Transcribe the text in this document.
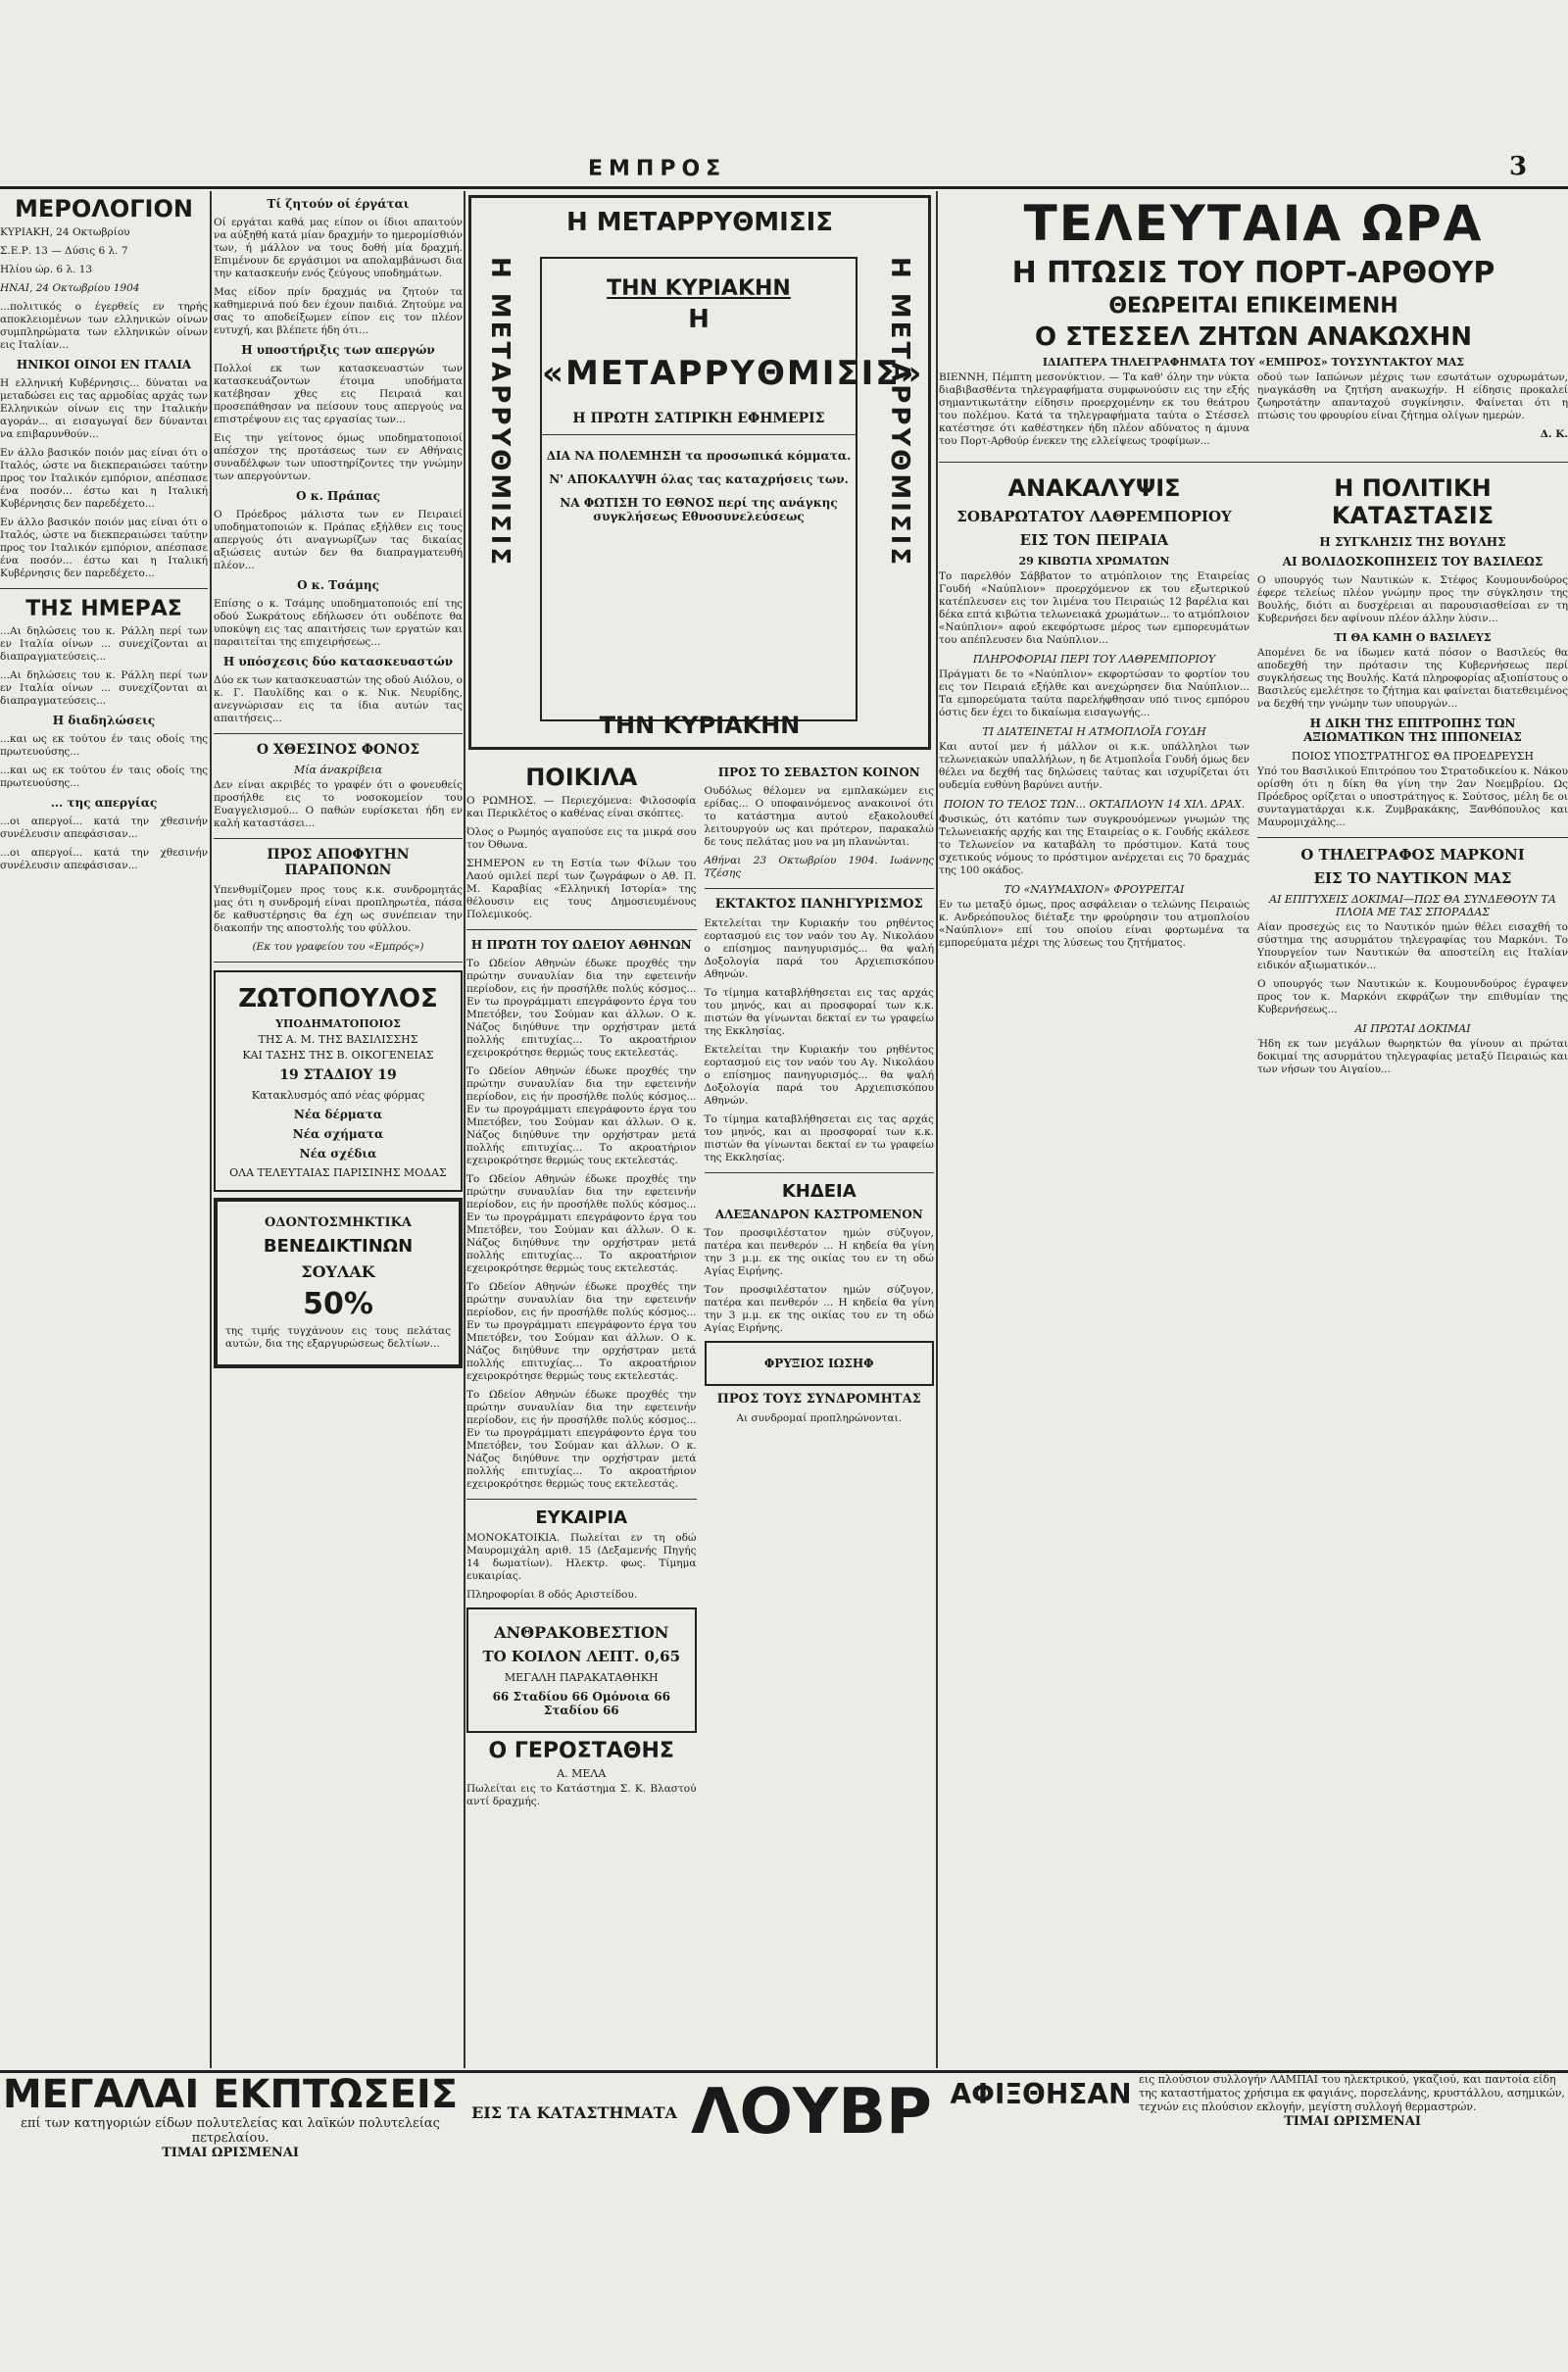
ΕΜΠΡΟΣ	3
ΜΕΡΟΛΟΓΙΟΝ

ΚΥΡΙΑΚΗ, 24 Οκτωβρίου

Σ.Ε.Ρ. 13 — Δύσις 6 λ. 7

Ηλίου ώρ. 6 λ. 13

ΗΝΑΙ, 24 Οκτωβρίου 1904

...πολιτικός ο έγερθείς εν τηρής αποκλειομένων των ελληνικών οίνων συμπληρώματα των ελληνικών οίνων εις Ιταλίαν...

ΗΝΙΚΟΙ ΟΙΝΟΙ ΕΝ ΙΤΑΛΙΑ

Η ελληνική Κυβέρνησις... δύναται να μεταδώσει εις τας αρμοδίας αρχάς των Ελληνικών οίνων εις την Ιταλικήν αγοράν... αι εισαγωγαί δεν δύνανται να επιβαρυνθούν...

Εν άλλο βασικόν ποιόν μας είναι ότι ο Ιταλός, ώστε να διεκπεραιώσει ταύτην προς τον Ιταλικόν εμπόριον, απέσπασε ένα ποσόν... έστω και η Ιταλική Κυβέρνησις δεν παρεδέχετο...

Εν άλλο βασικόν ποιόν μας είναι ότι ο Ιταλός, ώστε να διεκπεραιώσει ταύτην προς τον Ιταλικόν εμπόριον, απέσπασε ένα ποσόν... έστω και η Ιταλική Κυβέρνησις δεν παρεδέχετο...

ΤΗΣ ΗΜΕΡΑΣ

...Αι δηλώσεις του κ. Ράλλη περί των εν Ιταλία οίνων ... συνεχίζονται αι διαπραγματεύσεις...

...Αι δηλώσεις του κ. Ράλλη περί των εν Ιταλία οίνων ... συνεχίζονται αι διαπραγματεύσεις...

Η διαδηλώσεις

...και ως εκ τούτου έν ταις οδοίς της πρωτευούσης...

...και ως εκ τούτου έν ταις οδοίς της πρωτευούσης...

... της απεργίας

...οι απεργοί... κατά την χθεσινήν συνέλευσιν απεφάσισαν...

...οι απεργοί... κατά την χθεσινήν συνέλευσιν απεφάσισαν...

Τί ζητούν οί έργάται

Οί εργάται καθά μας είπον οι ίδιοι απαιτούν να αύξηθή κατά μίαν δραχμήν το ημερομίσθιόν των, ή μάλλον να τους δοθή μία δραχμή. Επιμένουν δε εργάσιμοι να απολαμβάνωσι δια την κατασκευήν ενός ζεύγους υποδημάτων.

Μας είδον πρίν δραχμάς να ζητούν τα καθημερινά πού δεν έχουν παιδιά. Ζητούμε να σας το αποδείξωμεν είπον εις τον πλέον ευτυχή, και βλέπετε ήδη ότι...

Η υποστήριξις των απεργών

Πολλοί εκ των κατασκευαστών των κατασκευάζοντων έτοιμα υποδήματα κατέβησαν χθες εις Πειραιά και προσεπάθησαν να πείσουν τους απεργούς να επιστρέψουν εις τας εργασίας των...

Εις την γείτονος όμως υποδηματοποιοί απέσχον της προτάσεως των εν Αθήναις συναδέλφων των υποστηρίζοντες την γνώμην των απεργούντων.

Ο κ. Πράπας

Ο Πρόεδρος μάλιστα των εν Πειραιεί υποδηματοποιών κ. Πράπας εξήλθεν εις τους απεργούς ότι αναγνωρίζων τας δικαίας αξιώσεις αυτών δεν θα διαπραγματευθή πλέον...

Ο κ. Τσάμης

Επίσης ο κ. Τσάμης υποδηματοποιός επί της οδού Σωκράτους εδήλωσεν ότι ουδέποτε θα υποκύψη εις τας απαιτήσεις των εργατών και παραιτείται της επιχειρήσεως...

Η υπόσχεσις δύο κατασκευαστών

Δύο εκ των κατασκευαστών της οδού Αιόλου, ο κ. Γ. Παυλίδης και ο κ. Νικ. Νευρίδης, ανεγνώρισαν εις τα ίδια αυτών τας απαιτήσεις...

Ο ΧΘΕΣΙΝΟΣ ΦΟΝΟΣ
Μία άνακρίβεια

Δεν είναι ακριβές το γραφέν ότι ο φονευθείς προσήλθε εις το νοσοκομείον του Ευαγγελισμού... Ο παθών ευρίσκεται ήδη εν καλή καταστάσει...

ΠΡΟΣ ΑΠΟΦΥΓΗΝ ΠΑΡΑΠΟΝΩΝ

Υπενθυμίζομεν προς τους κ.κ. συνδρομητάς μας ότι η συνδρομή είναι προπληρωτέα, πάσα δε καθυστέρησις θα έχη ως συνέπειαν την διακοπήν της αποστολής του φύλλου.

(Εκ του γραφείου του «Εμπρός»)

ΖΩΤΟΠΟΥΛΟΣ
ΥΠΟΔΗΜΑΤΟΠΟΙΟΣ
ΤΗΣ Α. Μ. ΤΗΣ ΒΑΣΙΛΙΣΣΗΣ
ΚΑΙ ΤΑΣΗΣ ΤΗΣ Β. ΟΙΚΟΓΕΝΕΙΑΣ
19 ΣΤΑΔΙΟΥ 19
Κατακλυσμός από νέας φόρμας
Νέα δέρματα
Νέα σχήματα
Νέα σχέδια
ΟΛΑ ΤΕΛΕΥΤΑΙΑΣ ΠΑΡΙΣΙΝΗΣ ΜΟΔΑΣ
ΟΔΟΝΤΟΣΜΗΚΤΙΚΑ
ΒΕΝΕΔΙΚΤΙΝΩΝ
ΣΟΥΛΑΚ
50%

της τιμής τυγχάνουν εις τους πελάτας αυτών, δια της εξαργυρώσεως δελτίων...

Η ΜΕΤΑΡΡΥΘΜΙΣΙΣ
Η ΜΕΤΑΡΡΥΘΜΙΣΙΣ	Η ΜΕΤΑΡΡΥΘΜΙΣΙΣ
ΤΗΝ ΚΥΡΙΑΚΗΝ
Η
«ΜΕΤΑΡΡΥΘΜΙΣΙΣ»
Η ΠΡΩΤΗ ΣΑΤΙΡΙΚΗ ΕΦΗΜΕΡΙΣ
ΔΙΑ ΝΑ ΠΟΛΕΜΗΣΗ τα προσωπικά κόμματα.
Ν' ΑΠΟΚΑΛΥΨΗ όλας τας καταχρήσεις των.
ΝΑ ΦΩΤΙΣΗ ΤΟ ΕΘΝΟΣ περί της ανάγκης συγκλήσεως Εθνοσυνελεύσεως
ΤΗΝ ΚΥΡΙΑΚΗΝ
ΠΟΙΚΙΛΑ

Ο ΡΩΜΗΟΣ. — Περιεχόμενα: Φιλοσοφία και Περικλέτος ο καθένας είναι σκόπτες.

Όλος ο Ρωμηός αγαπούσε εις τα μικρά σου τον Όθωνα.

ΣΗΜΕΡΟΝ εν τη Εστία των Φίλων του Λαού ομιλεί περί των ζωγράφων ο Αθ. Π. Μ. Καραβίας «Ελληνική Ιστορία» της θέλουσιν εις τους Δημοσιευμένους Πολεμικούς.

Η ΠΡΩΤΗ ΤΟΥ ΩΔΕΙΟΥ ΑΘΗΝΩΝ

Το Ωδείον Αθηνών έδωκε προχθές την πρώτην συναυλίαν δια την εφετεινήν περίοδον, εις ήν προσήλθε πολύς κόσμος... Εν τω προγράμματι επεγράφοντο έργα του Μπετόβεν, του Σούμαν και άλλων. Ο κ. Νάζος διηύθυνε την ορχήστραν μετά πολλής επιτυχίας... Το ακροατήριον εχειροκρότησε θερμώς τους εκτελεστάς.

Το Ωδείον Αθηνών έδωκε προχθές την πρώτην συναυλίαν δια την εφετεινήν περίοδον, εις ήν προσήλθε πολύς κόσμος... Εν τω προγράμματι επεγράφοντο έργα του Μπετόβεν, του Σούμαν και άλλων. Ο κ. Νάζος διηύθυνε την ορχήστραν μετά πολλής επιτυχίας... Το ακροατήριον εχειροκρότησε θερμώς τους εκτελεστάς.

Το Ωδείον Αθηνών έδωκε προχθές την πρώτην συναυλίαν δια την εφετεινήν περίοδον, εις ήν προσήλθε πολύς κόσμος... Εν τω προγράμματι επεγράφοντο έργα του Μπετόβεν, του Σούμαν και άλλων. Ο κ. Νάζος διηύθυνε την ορχήστραν μετά πολλής επιτυχίας... Το ακροατήριον εχειροκρότησε θερμώς τους εκτελεστάς.

Το Ωδείον Αθηνών έδωκε προχθές την πρώτην συναυλίαν δια την εφετεινήν περίοδον, εις ήν προσήλθε πολύς κόσμος... Εν τω προγράμματι επεγράφοντο έργα του Μπετόβεν, του Σούμαν και άλλων. Ο κ. Νάζος διηύθυνε την ορχήστραν μετά πολλής επιτυχίας... Το ακροατήριον εχειροκρότησε θερμώς τους εκτελεστάς.

Το Ωδείον Αθηνών έδωκε προχθές την πρώτην συναυλίαν δια την εφετεινήν περίοδον, εις ήν προσήλθε πολύς κόσμος... Εν τω προγράμματι επεγράφοντο έργα του Μπετόβεν, του Σούμαν και άλλων. Ο κ. Νάζος διηύθυνε την ορχήστραν μετά πολλής επιτυχίας... Το ακροατήριον εχειροκρότησε θερμώς τους εκτελεστάς.

ΕΥΚΑΙΡΙΑ

ΜΟΝΟΚΑΤΟΙΚΙΑ. Πωλείται εν τη οδώ Μαυρομιχάλη αριθ. 15 (Δεξαμενής Πηγής 14 δωματίων). Ηλεκτρ. φως. Τίμημα ευκαιρίας.

Πληροφορίαι 8 οδός Αριστείδου.

ΑΝΘΡΑΚΟΒΕΣΤΙΟΝ
ΤΟ ΚΟΙΛΟΝ ΛΕΠΤ. 0,65
ΜΕΓΑΛΗ ΠΑΡΑΚΑΤΑΘΗΚΗ
66 Σταδίου 66 Ομόνοια 66 Σταδίου 66
Ο ΓΕΡΟΣΤΑΘΗΣ
Α. ΜΕΛΑ

Πωλείται εις το Κατάστημα Σ. Κ. Βλαστού αντί δραχμής.

ΠΡΟΣ ΤΟ ΣΕΒΑΣΤΟΝ ΚΟΙΝΟΝ

Ουδόλως θέλομεν να εμπλακώμεν εις ερίδας... Ο υποφαινόμενος ανακοινοί ότι το κατάστημα αυτού εξακολουθεί λειτουργούν ως και πρότερον, παρακαλώ δε τους πελάτας μου να μη πλανώνται.

Αθήναι 23 Οκτωβρίου 1904. Ιωάννης Τζέσης

ΕΚΤΑΚΤΟΣ ΠΑΝΗΓΥΡΙΣΜΟΣ

Εκτελείται την Κυριακήν του ρηθέντος εορτασμού εις τον ναόν του Αγ. Νικολάου ο επίσημος πανηγυρισμός... θα ψαλή Δοξολογία παρά του Αρχιεπισκόπου Αθηνών.

Το τίμημα καταβλήθησεται εις τας αρχάς του μηνός, και αι προσφοραί των κ.κ. πιστών θα γίνωνται δεκταί εν τω γραφείω της Εκκλησίας.

Εκτελείται την Κυριακήν του ρηθέντος εορτασμού εις τον ναόν του Αγ. Νικολάου ο επίσημος πανηγυρισμός... θα ψαλή Δοξολογία παρά του Αρχιεπισκόπου Αθηνών.

Το τίμημα καταβλήθησεται εις τας αρχάς του μηνός, και αι προσφοραί των κ.κ. πιστών θα γίνωνται δεκταί εν τω γραφείω της Εκκλησίας.

ΚΗΔΕΙΑ
ΑΛΕΞΑΝΔΡΟΝ ΚΑΣΤΡΟΜΕΝΟΝ

Τον προσφιλέστατον ημών σύζυγον, πατέρα και πενθερόν ... Η κηδεία θα γίνη την 3 μ.μ. εκ της οικίας του εν τη οδώ Αγίας Ειρήνης.

Τον προσφιλέστατον ημών σύζυγον, πατέρα και πενθερόν ... Η κηδεία θα γίνη την 3 μ.μ. εκ της οικίας του εν τη οδώ Αγίας Ειρήνης.

ΦΡΥΞΙΟΣ ΙΩΣΗΦ
ΠΡΟΣ ΤΟΥΣ ΣΥΝΔΡΟΜΗΤΑΣ

Αι συνδρομαί προπληρώνονται.

ΤΕΛΕΥΤΑΙΑ ΩΡΑ
Η ΠΤΩΣΙΣ ΤΟΥ ΠΟΡΤ-ΑΡΘΟΥΡ
ΘΕΩΡΕΙΤΑΙ ΕΠΙΚΕΙΜΕΝΗ
Ο ΣΤΕΣΣΕΛ ΖΗΤΩΝ ΑΝΑΚΩΧΗΝ
ΙΔΙΑΙΤΕΡΑ ΤΗΛΕΓΡΑΦΗΜΑΤΑ ΤΟΥ «ΕΜΠΡΟΣ» ΤΟΥΣΥΝΤΑΚΤΟΥ ΜΑΣ

ΒΙΕΝΝΗ, Πέμπτη μεσονύκτιον. — Τα καθ' όλην την νύκτα διαβιβασθέντα τηλεγραφήματα συμφωνούσιν εις την εξής σημαντικωτάτην είδησιν προερχομένην εκ του θεάτρου του πολέμου. Κατά τα τηλεγραφήματα ταύτα ο Στέσσελ κατέστησε ότι καθέστηκεν ήδη πλέον αδύνατος η άμυνα του Πορτ-Αρθούρ ένεκεν της ελλείψεως τροφίμων...

οδού των Ιαπώνων μέχρις των εσωτάτων οχυρωμάτων, ηναγκάσθη να ζητήση ανακωχήν. Η είδησις προκαλεί ζωηροτάτην απανταχού συγκίνησιν. Φαίνεται ότι η πτώσις του φρουρίου είναι ζήτημα ολίγων ημερών.

Δ. Κ.

ΑΝΑΚΑΛΥΨΙΣ
ΣΟΒΑΡΩΤΑΤΟΥ ΛΑΘΡΕΜΠΟΡΙΟΥ
ΕΙΣ ΤΟΝ ΠΕΙΡΑΙΑ
29 ΚΙΒΩΤΙΑ ΧΡΩΜΑΤΩΝ

Το παρελθόν Σάββατον το ατμόπλοιον της Εταιρείας Γουδή «Ναύπλιον» προερχόμενον εκ του εξωτερικού κατέπλευσεν εις τον λιμένα του Πειραιώς 12 βαρέλια και δέκα επτά κιβώτια τελωνειακά χρωμάτων... το ατμόπλοιον «Ναύπλιον» αφού εκεφόρτωσε μέρος των εμπορευμάτων του απέπλευσεν δια Ναύπλιον...

ΠΛΗΡΟΦΟΡΙΑΙ ΠΕΡΙ ΤΟΥ ΛΑΘΡΕΜΠΟΡΙΟΥ

Πράγματι δε το «Ναύπλιον» εκφορτώσαν το φορτίον του εις τον Πειραιά εξήλθε και ανεχώρησεν δια Ναύπλιον... Τα εμπορεύματα ταύτα παρελήφθησαν υπό τινος εμπόρου όστις δεν έχει το δικαίωμα εισαγωγής...

ΤΙ ΔΙΑΤΕΙΝΕΤΑΙ Η ΑΤΜΟΠΛΟΪΑ ΓΟΥΔΗ

Και αυτοί μεν ή μάλλον οι κ.κ. υπάλληλοι των τελωνειακών υπαλλήλων, η δε Ατμοπλοΐα Γουδή όμως δεν θέλει να δεχθή τας δηλώσεις ταύτας και ισχυρίζεται ότι ουδεμία ευθύνη βαρύνει αυτήν.

ΠΟΙΟΝ ΤΟ ΤΕΛΟΣ ΤΩΝ... ΟΚΤΑΠΛΟΥΝ 14 ΧΙΛ. ΔΡΑΧ.

Φυσικώς, ότι κατόπιν των συγκρουόμενων γνωμών της Τελωνειακής αρχής και της Εταιρείας ο κ. Γουδής εκάλεσε το Τελωνείον να καταβάλη το πρόστιμον. Κατά τους σχετικούς νόμους το πρόστιμον ανέρχεται εις 70 δραχμάς της 100 οκάδος.

ΤΟ «ΝΑΥΜΑΧΙΟΝ» ΦΡΟΥΡΕΙΤΑΙ

Εν τω μεταξύ όμως, προς ασφάλειαν ο τελώνης Πειραιώς κ. Ανδρεόπουλος διέταξε την φρούρησιν του ατμοπλοίου «Ναύπλιον» επί του οποίου είναι φορτωμένα τα εμπορεύματα μέχρι της λύσεως του ζητήματος.

Η ΠΟΛΙΤΙΚΗ ΚΑΤΑΣΤΑΣΙΣ
Η ΣΥΓΚΛΗΣΙΣ ΤΗΣ ΒΟΥΛΗΣ
ΑΙ ΒΟΛΙΔΟΣΚΟΠΗΣΕΙΣ ΤΟΥ ΒΑΣΙΛΕΩΣ

Ο υπουργός των Ναυτικών κ. Στέφος Κουμουνδούρος έφερε τελείως πλέον γνώμην προς την σύγκλησιν της Βουλής, διότι αι δυσχέρειαι αι παρουσιασθείσαι εν τη Κυβερνήσει δεν αφίνουν πλέον άλλην λύσιν...

ΤΙ ΘΑ ΚΑΜΗ Ο ΒΑΣΙΛΕΥΣ

Απομένει δε να ίδωμεν κατά πόσον ο Βασιλεύς θα αποδεχθή την πρότασιν της Κυβερνήσεως περί συγκλήσεως της Βουλής. Κατά πληροφορίας αξιοπίστους ο Βασιλεύς εμελέτησε το ζήτημα και φαίνεται διατεθειμένος να δεχθή την γνώμην των υπουργών...

Η ΔΙΚΗ ΤΗΣ ΕΠΙΤΡΟΠΗΣ ΤΩΝ ΑΞΙΩΜΑΤΙΚΩΝ ΤΗΣ ΙΠΠΟΝΕΙΑΣ
ΠΟΙΟΣ ΥΠΟΣΤΡΑΤΗΓΟΣ ΘΑ ΠΡΟΕΔΡΕΥΣΗ

Υπό του Βασιλικού Επιτρόπου του Στρατοδικείου κ. Νάκου ορίσθη ότι η δίκη θα γίνη την 2αν Νοεμβρίου. Ως Πρόεδρος ορίζεται ο υποστράτηγος κ. Σούτσος, μέλη δε οι συνταγματάρχαι κ.κ. Ζυμβρακάκης, Ξανθόπουλος και Μαυρομιχάλης...

Ο ΤΗΛΕΓΡΑΦΟΣ ΜΑΡΚΟΝΙ
ΕΙΣ ΤΟ ΝΑΥΤΙΚΟΝ ΜΑΣ
ΑΙ ΕΠΙΤΥΧΕΙΣ ΔΟΚΙΜΑΙ—ΠΩΣ ΘΑ ΣΥΝΔΕΘΟΥΝ ΤΑ ΠΛΟΙΑ ΜΕ ΤΑΣ ΣΠΟΡΑΔΑΣ

Αίαν προσεχώς εις το Ναυτικόν ημών θέλει εισαχθή το σύστημα της ασυρμάτου τηλεγραφίας του Μαρκόνι. Το Υπουργείον των Ναυτικών θα αποστείλη εις Ιταλίαν ειδικόν αξιωματικόν...

Ο υπουργός των Ναυτικών κ. Κουμουνδούρος έγραψεν προς τον κ. Μαρκόνι εκφράζων την επιθυμίαν της Κυβερνήσεως...

ΑΙ ΠΡΩΤΑΙ ΔΟΚΙΜΑΙ

Ήδη εκ των μεγάλων θωρηκτών θα γίνουν αι πρώται δοκιμαί της ασυρμάτου τηλεγραφίας μεταξύ Πειραιώς και των νήσων του Αιγαίου...

ΜΕΓΑΛΑΙ ΕΚΠΤΩΣΕΙΣ
επί των κατηγοριών είδων πολυτελείας και λαϊκών πολυτελείας πετρελαίου.
ΤΙΜΑΙ ΩΡΙΣΜΕΝΑΙ
ΕΙΣ ΤΑ ΚΑΤΑΣΤΗΜΑΤΑ ΛΟΥΒΡ ΑΦΙΞΘΗΣΑΝ εις πλούσιον συλλογήν ΛΑΜΠΑΙ του ηλεκτρικού, γκαζιού, και παντοία είδη της καταστήματος χρήσιμα εκ φαγιάνς, πορσελάνης, κρυστάλλου, ασημικών, τεχνών εις πλούσιον εκλογήν, μεγίστη συλλογή θερμαστρών.
ΤΙΜΑΙ ΩΡΙΣΜΕΝΑΙ
